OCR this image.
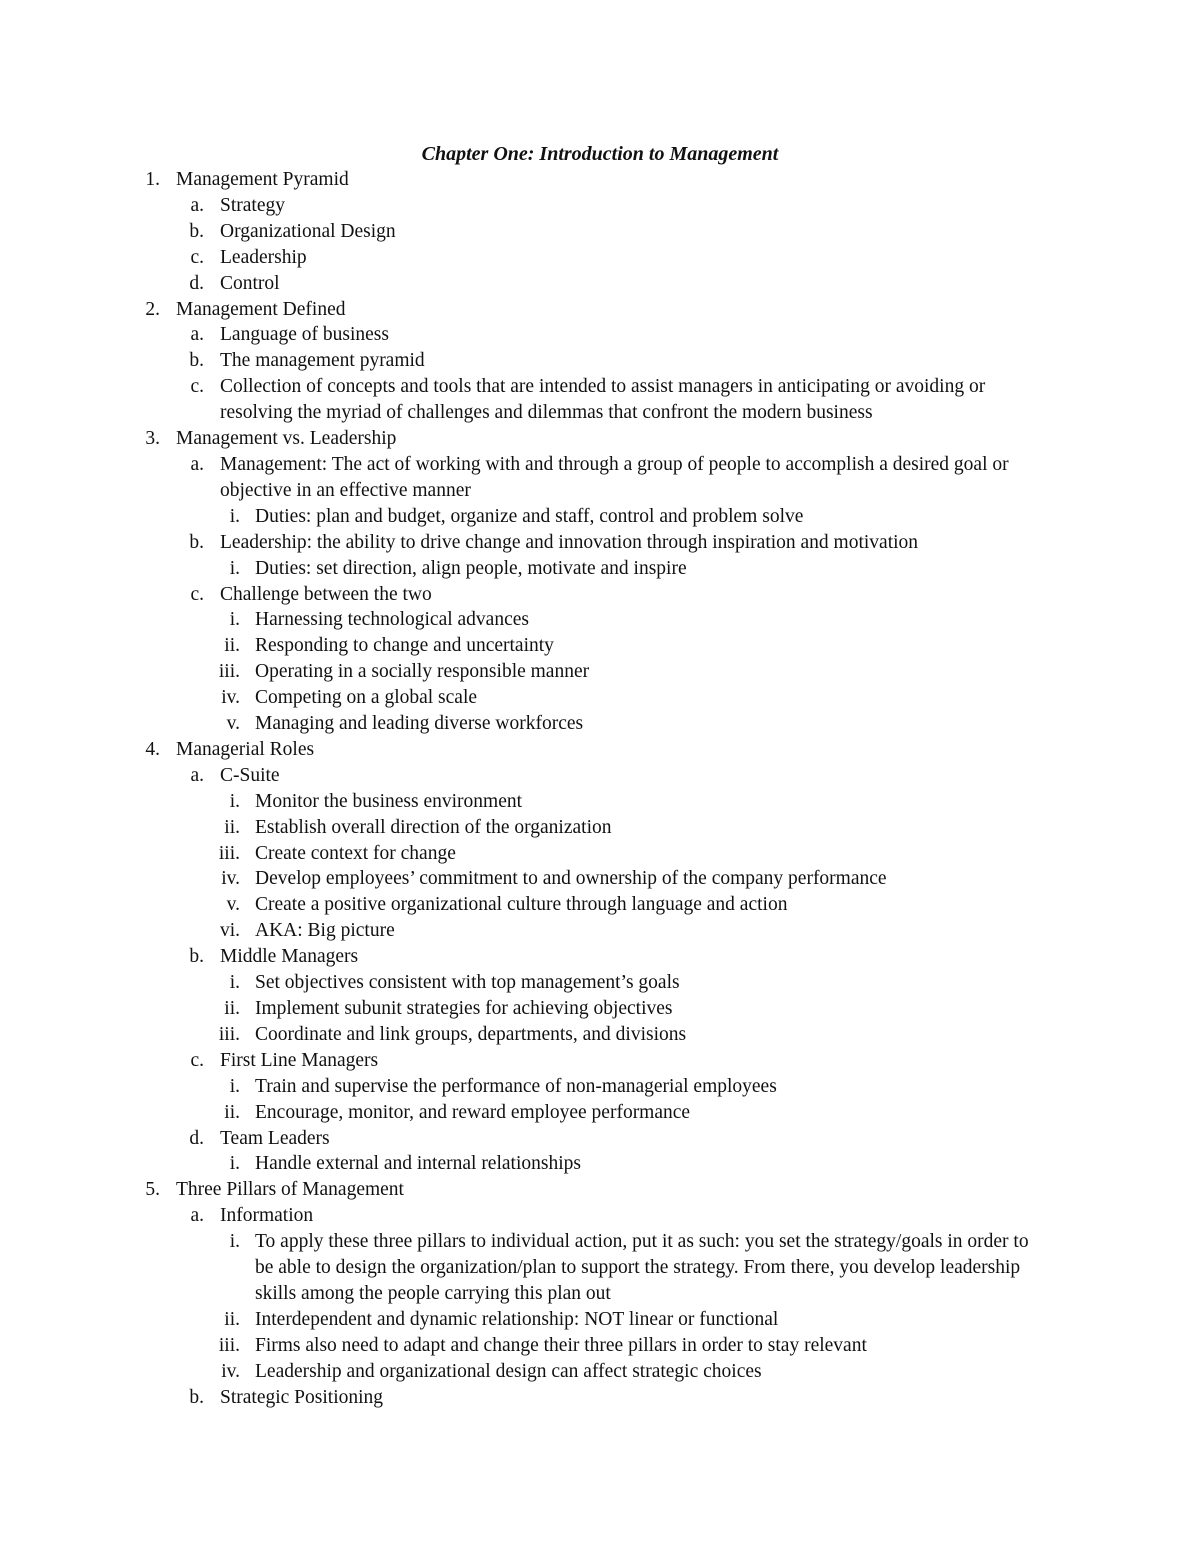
Chapter One: Introduction to Management
1. Management Pyramid
a. Strategy
b. Organizational Design
c. Leadership
d. Control
2. Management Defined
a. Language of business
b. The management pyramid
c. Collection of concepts and tools that are intended to assist managers in anticipating or avoiding or resolving the myriad of challenges and dilemmas that confront the modern business
3. Management vs. Leadership
a. Management: The act of working with and through a group of people to accomplish a desired goal or objective in an effective manner
i. Duties: plan and budget, organize and staff, control and problem solve
b. Leadership: the ability to drive change and innovation through inspiration and motivation
i. Duties: set direction, align people, motivate and inspire
c. Challenge between the two
i. Harnessing technological advances
ii. Responding to change and uncertainty
iii. Operating in a socially responsible manner
iv. Competing on a global scale
v. Managing and leading diverse workforces
4. Managerial Roles
a. C-Suite
i. Monitor the business environment
ii. Establish overall direction of the organization
iii. Create context for change
iv. Develop employees’ commitment to and ownership of the company performance
v. Create a positive organizational culture through language and action
vi. AKA: Big picture
b. Middle Managers
i. Set objectives consistent with top management’s goals
ii. Implement subunit strategies for achieving objectives
iii. Coordinate and link groups, departments, and divisions
c. First Line Managers
i. Train and supervise the performance of non-managerial employees
ii. Encourage, monitor, and reward employee performance
d. Team Leaders
i. Handle external and internal relationships
5. Three Pillars of Management
a. Information
i. To apply these three pillars to individual action, put it as such: you set the strategy/goals in order to be able to design the organization/plan to support the strategy. From there, you develop leadership skills among the people carrying this plan out
ii. Interdependent and dynamic relationship: NOT linear or functional
iii. Firms also need to adapt and change their three pillars in order to stay relevant
iv. Leadership and organizational design can affect strategic choices
b. Strategic Positioning
